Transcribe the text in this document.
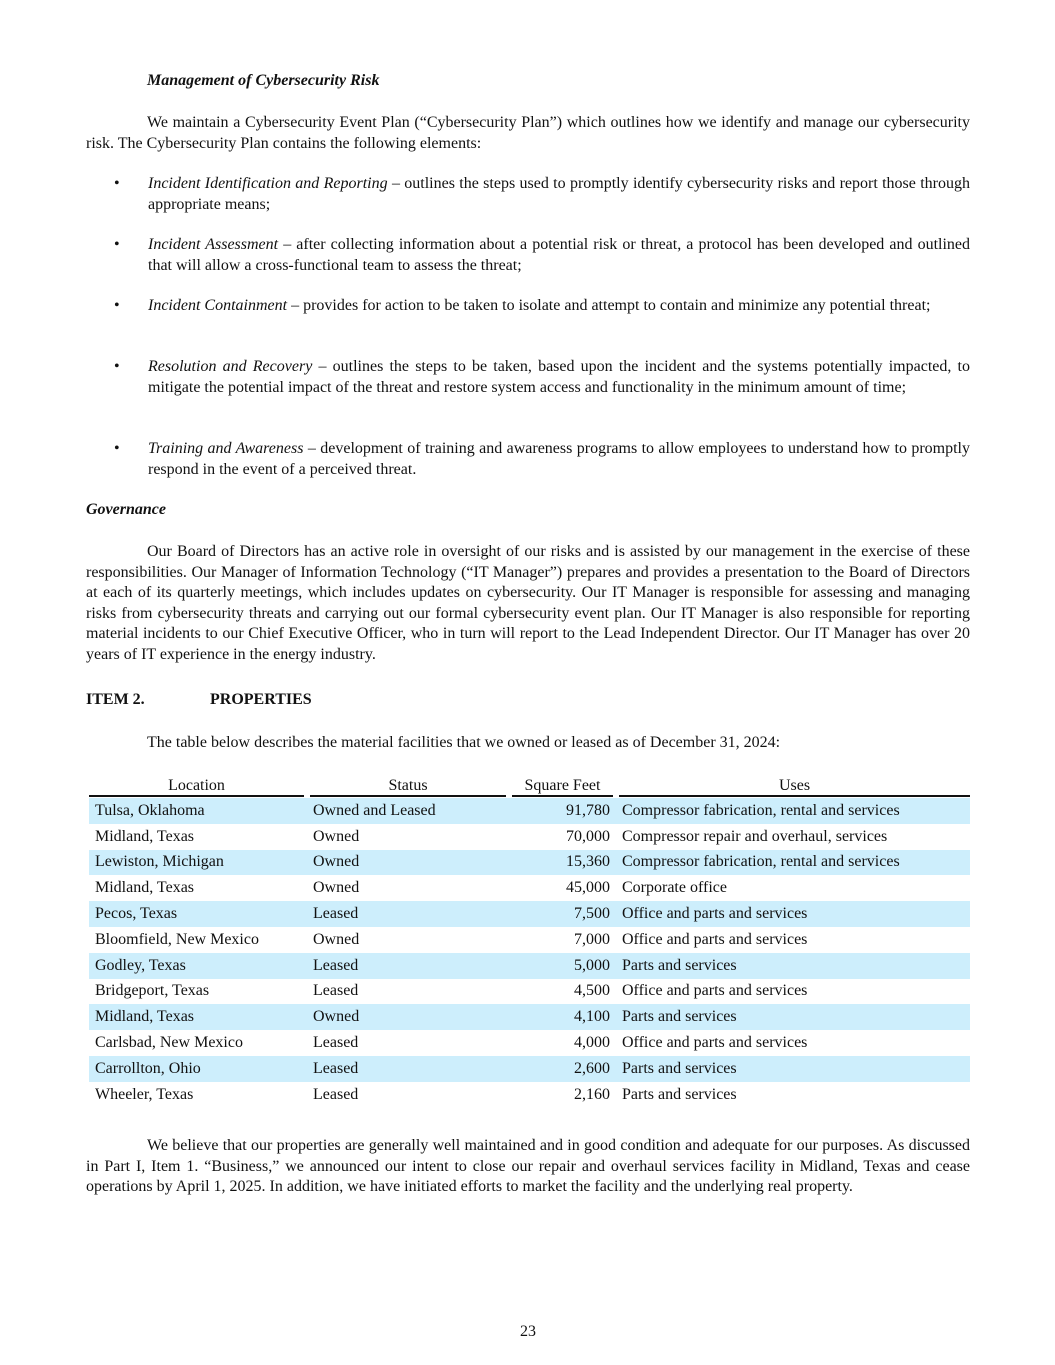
Management of Cybersecurity Risk

We maintain a Cybersecurity Event Plan (“Cybersecurity Plan”) which outlines how we identify and manage our cybersecurity risk. The Cybersecurity Plan contains the following elements:

• Incident Identification and Reporting – outlines the steps used to promptly identify cybersecurity risks and report those through appropriate means;

• Incident Assessment – after collecting information about a potential risk or threat, a protocol has been developed and outlined that will allow a cross-functional team to assess the threat;

• Incident Containment – provides for action to be taken to isolate and attempt to contain and minimize any potential threat;

• Resolution and Recovery – outlines the steps to be taken, based upon the incident and the systems potentially impacted, to mitigate the potential impact of the threat and restore system access and functionality in the minimum amount of time;

• Training and Awareness – development of training and awareness programs to allow employees to understand how to promptly respond in the event of a perceived threat.

Governance

Our Board of Directors has an active role in oversight of our risks and is assisted by our management in the exercise of these responsibilities. Our Manager of Information Technology (“IT Manager”) prepares and provides a presentation to the Board of Directors at each of its quarterly meetings, which includes updates on cybersecurity. Our IT Manager is responsible for assessing and managing risks from cybersecurity threats and carrying out our formal cybersecurity event plan. Our IT Manager is also responsible for reporting material incidents to our Chief Executive Officer, who in turn will report to the Lead Independent Director. Our IT Manager has over 20 years of IT experience in the energy industry.

ITEM 2.	PROPERTIES

The table below describes the material facilities that we owned or leased as of December 31, 2024:

Location	Status	Square Feet	Uses

Tulsa, Oklahoma	Owned and Leased	91,780	Compressor fabrication, rental and services
Midland, Texas	Owned	70,000	Compressor repair and overhaul, services
Lewiston, Michigan	Owned	15,360	Compressor fabrication, rental and services
Midland, Texas	Owned	45,000	Corporate office
Pecos, Texas	Leased	7,500	Office and parts and services
Bloomfield, New Mexico	Owned	7,000	Office and parts and services
Godley, Texas	Leased	5,000	Parts and services
Bridgeport, Texas	Leased	4,500	Office and parts and services
Midland, Texas	Owned	4,100	Parts and services
Carlsbad, New Mexico	Leased	4,000	Office and parts and services
Carrollton, Ohio	Leased	2,600	Parts and services
Wheeler, Texas	Leased	2,160	Parts and services

We believe that our properties are generally well maintained and in good condition and adequate for our purposes. As discussed in Part I, Item 1. “Business,” we announced our intent to close our repair and overhaul services facility in Midland, Texas and cease operations by April 1, 2025. In addition, we have initiated efforts to market the facility and the underlying real property.

23
